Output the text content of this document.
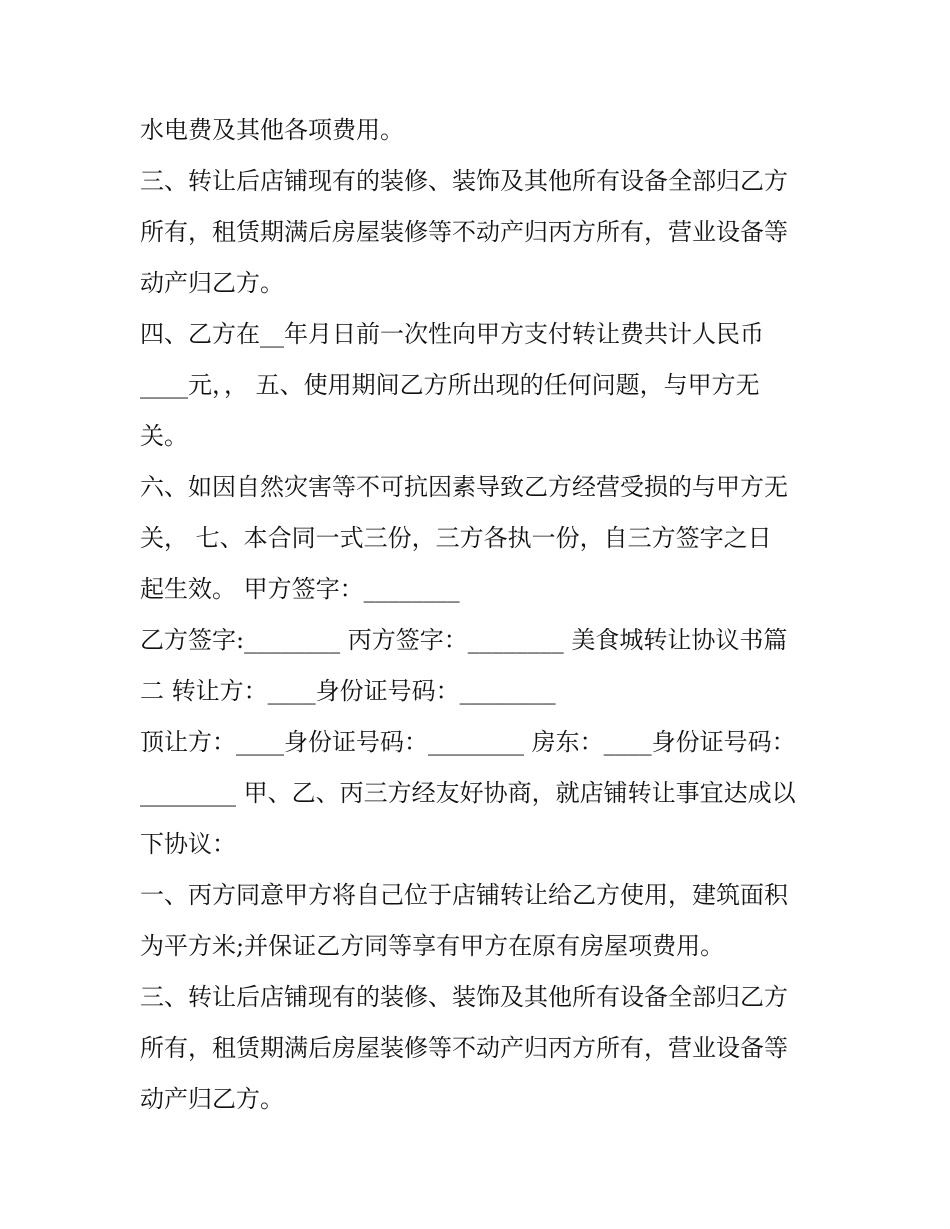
水电费及其他各项费用。
三、转让后店铺现有的装修、装饰及其他所有设备全部归乙方
所有，租赁期满后房屋装修等不动产归丙方所有，营业设备等
动产归乙方。
四、乙方在__年月日前一次性向甲方支付转让费共计人民币
____元，， 五、使用期间乙方所出现的任何问题，与甲方无
关。
六、如因自然灾害等不可抗因素导致乙方经营受损的与甲方无
关， 七、本合同一式三份，三方各执一份，自三方签字之日
起生效。 甲方签字：________
乙方签字:________ 丙方签字：________ 美食城转让协议书篇
二 转让方：____身份证号码：________
顶让方：____身份证号码：________ 房东：____身份证号码：
________ 甲、乙、丙三方经友好协商，就店铺转让事宜达成以
下协议：
一、丙方同意甲方将自己位于店铺转让给乙方使用，建筑面积
为平方米;并保证乙方同等享有甲方在原有房屋项费用。
三、转让后店铺现有的装修、装饰及其他所有设备全部归乙方
所有，租赁期满后房屋装修等不动产归丙方所有，营业设备等
动产归乙方。
